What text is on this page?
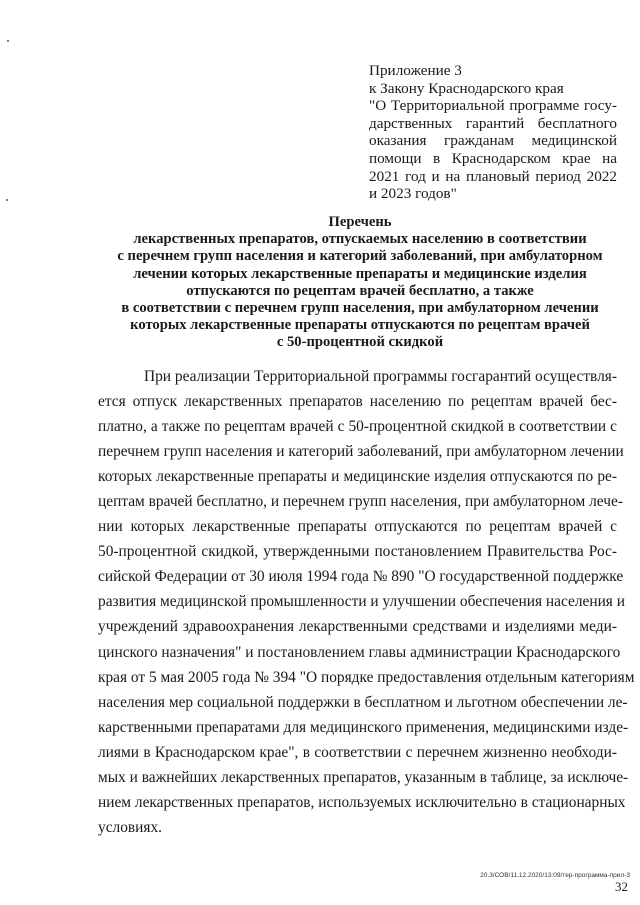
Приложение 3
к Закону Краснодарского края
"О Территориальной программе госу-
дарственных гарантий бесплатного
оказания гражданам медицинской
помощи в Краснодарском крае на
2021 год и на плановый период 2022
и 2023 годов"
Перечень
лекарственных препаратов, отпускаемых населению в соответствии
с перечнем групп населения и категорий заболеваний, при амбулаторном
лечении которых лекарственные препараты и медицинские изделия
отпускаются по рецептам врачей бесплатно, а также
в соответствии с перечнем групп населения, при амбулаторном лечении
которых лекарственные препараты отпускаются по рецептам врачей
с 50-процентной скидкой
При реализации Территориальной программы госгарантий осуществля-
ется отпуск лекарственных препаратов населению по рецептам врачей бес-
платно, а также по рецептам врачей с 50-процентной скидкой в соответствии с
перечнем групп населения и категорий заболеваний, при амбулаторном лечении
которых лекарственные препараты и медицинские изделия отпускаются по ре-
цептам врачей бесплатно, и перечнем групп населения, при амбулаторном лече-
нии которых лекарственные препараты отпускаются по рецептам врачей с
50-процентной скидкой, утвержденными постановлением Правительства Рос-
сийской Федерации от 30 июля 1994 года № 890 "О государственной поддержке
развития медицинской промышленности и улучшении обеспечения населения и
учреждений здравоохранения лекарственными средствами и изделиями меди-
цинского назначения" и постановлением главы администрации Краснодарского
края от 5 мая 2005 года № 394 "О порядке предоставления отдельным категориям
населения мер социальной поддержки в бесплатном и льготном обеспечении ле-
карственными препаратами для медицинского применения, медицинскими изде-
лиями в Краснодарском крае", в соответствии с перечнем жизненно необходи-
мых и важнейших лекарственных препаратов, указанным в таблице, за исключе-
нием лекарственных препаратов, используемых исключительно в стационарных
условиях.
20.3/СОВ/11.12.2020/13:09/тер-программа-прил-3
32
